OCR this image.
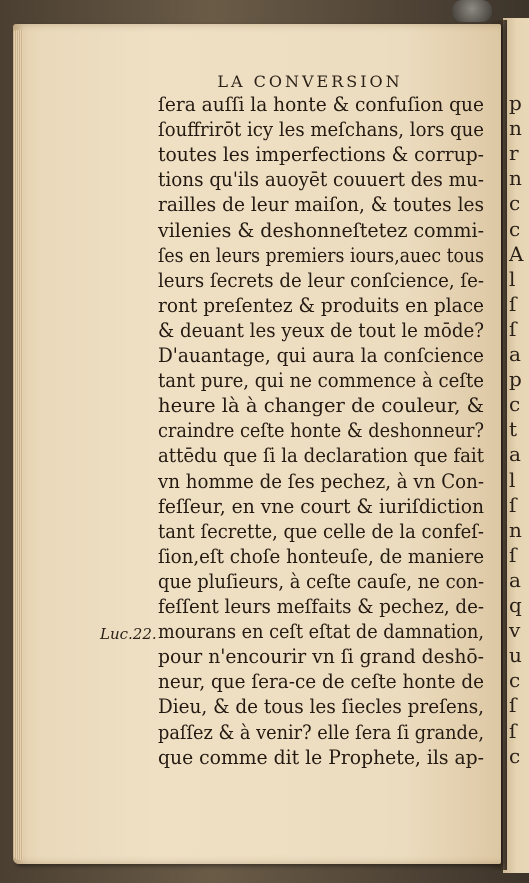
p
n
r
n
c
c
A
l
ſ
ſ
a
p
c
t
a
l
ſ
n
ſ
a
q
v
u
c
ſ
ſ
c
LA CONVERSION
ſera auſſi la honte & confuſion que
ſouffrirōt icy les meſchans, lors que
toutes les imperfections & corrup-
tions qu'ils auoyēt couuert des mu-
railles de leur maiſon, & toutes les
vilenies & deshonneſtetez commi-
ſes en leurs premiers iours,auec tous
leurs ſecrets de leur conſcience, ſe-
ront preſentez & produits en place
& deuant les yeux de tout le mōde?
D'auantage, qui aura la conſcience
tant pure, qui ne commence à ceſte
heure là à changer de couleur, &
craindre ceſte honte & deshonneur?
attēdu que ſi la declaration que fait
vn homme de ſes pechez, à vn Con-
feſſeur, en vne court & iuriſdiction
tant ſecrette, que celle de la confeſ-
ſion,eſt choſe honteuſe, de maniere
que pluſieurs, à ceſte cauſe, ne con-
feſſent leurs meſfaits & pechez, de-
mourans en ceſt eſtat de damnation,
pour n'encourir vn ſi grand deshō-
neur, que ſera-ce de ceſte honte de
Dieu, & de tous les ſiecles preſens,
paſſez & à venir? elle ſera ſi grande,
que comme dit le Prophete, ils ap-
Luc.22.
